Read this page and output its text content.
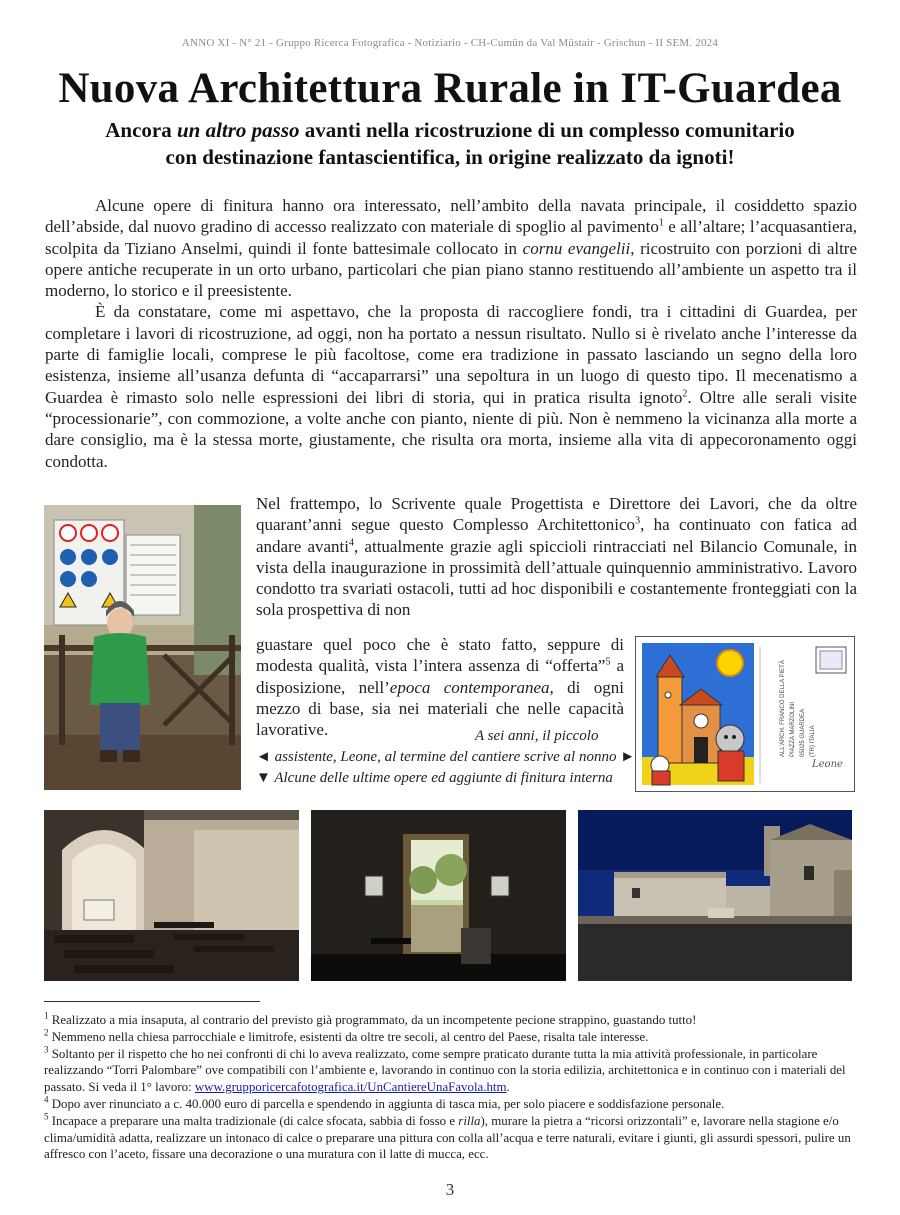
ANNO XI - N° 21 - Gruppo Ricerca Fotografica - Notiziario - CH-Cumün da Val Müstair - Grischun - II SEM. 2024
Nuova Architettura Rurale in IT-Guardea
Ancora un altro passo avanti nella ricostruzione di un complesso comunitario
con destinazione fantascientifica, in origine realizzato da ignoti!

Alcune opere di finitura hanno ora interessato, nell’ambito della navata principale, il cosiddetto spazio dell’abside, dal nuovo gradino di accesso realizzato con materiale di spoglio al pavimento$^1$ e all’altare; l’acquasantiera, scolpita da Tiziano Anselmi, quindi il fonte battesimale collocato in cornu evangelii, ricostruito con porzioni di altre opere antiche recuperate in un orto urbano, particolari che pian piano stanno restituendo all’ambiente un aspetto tra il moderno, lo storico e il preesistente.

È da constatare, come mi aspettavo, che la proposta di raccogliere fondi, tra i cittadini di Guardea, per completare i lavori di ricostruzione, ad oggi, non ha portato a nessun risultato. Nullo si è rivelato anche l’interesse da parte di famiglie locali, comprese le più facoltose, come era tradizione in passato lasciando un segno della loro esistenza, insieme all’usanza defunta di “accaparrarsi” una sepoltura in un luogo di questo tipo. Il mecenatismo a Guardea è rimasto solo nelle espressioni dei libri di storia, qui in pratica risulta ignoto$^2$. Oltre alle serali visite “processionarie”, con commozione, a volte anche con pianto, niente di più. Non è nemmeno la vicinanza alla morte a dare consiglio, ma è la stessa morte, giustamente, che risulta ora morta, insieme alla vita di appecoronamento oggi condotta.

Nel frattempo, lo Scrivente quale Progettista e Direttore dei Lavori, che da oltre quarant’anni segue questo Complesso Architettonico$^3$, ha continuato con fatica ad andare avanti$^4$, attualmente grazie agli spiccioli rintracciati nel Bilancio Comunale, in vista della inaugurazione in prossimità dell’attuale quinquennio amministrativo. Lavoro condotto tra svariati ostacoli, tutti ad hoc disponibili e costantemente fronteggiati con la sola prospettiva di non

guastare quel poco che è stato fatto, seppure di modesta qualità, vista l’intera assenza di “offerta”$^5$ a disposizione, nell’epoca contemporanea, di ogni mezzo di base, sia nei materiali che nelle capacità lavorative.	ALL'ARCH. FRANCO DELLA PIETÀ PIAZZA MARZOLINI 05025 GUARDEA (TR) ITALIA
Leone
A sei anni, il piccolo
◄ assistente, Leone, al termine del cantiere scrive al nonno ►
▼ Alcune delle ultime opere ed aggiunte di finitura interna

$^1$ Realizzato a mia insaputa, al contrario del previsto già programmato, da un incompetente pecione strappino, guastando tutto!

$^2$ Nemmeno nella chiesa parrocchiale e limitrofe, esistenti da oltre tre secoli, al centro del Paese, risalta tale interesse.

$^3$ Soltanto per il rispetto che ho nei confronti di chi lo aveva realizzato, come sempre praticato durante tutta la mia attività professionale, in particolare realizzando “Torri Palombare” ove compatibili con l’ambiente e, lavorando in continuo con la storia edilizia, architettonica e in continuo con i materiali del passato. Si veda il 1° lavoro: www.grupporicercafotografica.it/UnCantiereUnaFavola.htm.

$^4$ Dopo aver rinunciato a c. 40.000 euro di parcella e spendendo in aggiunta di tasca mia, per solo piacere e soddisfazione personale.

$^5$ Incapace a preparare una malta tradizionale (di calce sfocata, sabbia di fosso e rilla), murare la pietra a “ricorsi orizzontali” e, lavorare nella stagione e/o clima/umidità adatta, realizzare un intonaco di calce o preparare una pittura con colla all’acqua e terre naturali, evitare i giunti, gli assurdi spessori, pulire un affresco con l’aceto, fissare una decorazione o una muratura con il latte di mucca, ecc.

3
